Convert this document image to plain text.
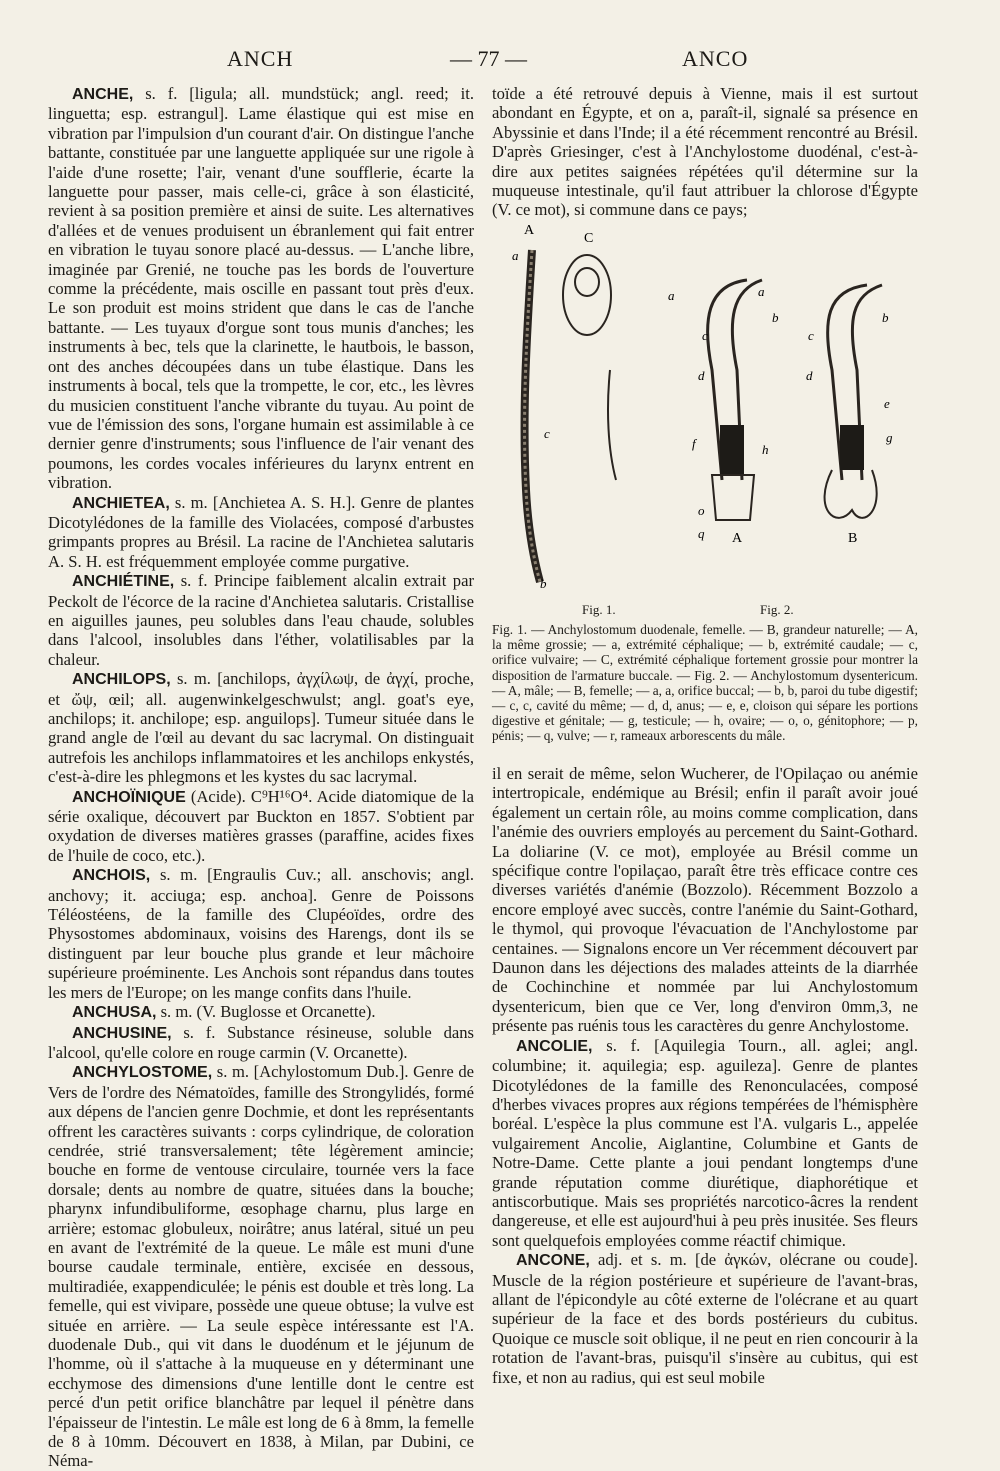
ANCH	— 77 —	ANCO

ANCHE, s. f. [ligula; all. mundstück; angl. reed; it. linguetta; esp. estrangul]. Lame élastique qui est mise en vibration par l'impulsion d'un courant d'air. On distingue l'anche battante, constituée par une languette appliquée sur une rigole à l'aide d'une rosette; l'air, venant d'une soufflerie, écarte la languette pour passer, mais celle-ci, grâce à son élasticité, revient à sa position première et ainsi de suite. Les alternatives d'allées et de venues produisent un ébranlement qui fait entrer en vibration le tuyau sonore placé au-dessus. — L'anche libre, imaginée par Grenié, ne touche pas les bords de l'ouverture comme la précédente, mais oscille en passant tout près d'eux. Le son produit est moins strident que dans le cas de l'anche battante. — Les tuyaux d'orgue sont tous munis d'anches; les instruments à bec, tels que la clarinette, le hautbois, le basson, ont des anches découpées dans un tube élastique. Dans les instruments à bocal, tels que la trompette, le cor, etc., les lèvres du musicien constituent l'anche vibrante du tuyau. Au point de vue de l'émission des sons, l'organe humain est assimilable à ce dernier genre d'instruments; sous l'influence de l'air venant des poumons, les cordes vocales inférieures du larynx entrent en vibration.

ANCHIETEA, s. m. [Anchietea A. S. H.]. Genre de plantes Dicotylédones de la famille des Violacées, composé d'arbustes grimpants propres au Brésil. La racine de l'Anchietea salutaris A. S. H. est fréquemment employée comme purgative.

ANCHIÉTINE, s. f. Principe faiblement alcalin extrait par Peckolt de l'écorce de la racine d'Anchietea salutaris. Cristallise en aiguilles jaunes, peu solubles dans l'eau chaude, solubles dans l'alcool, insolubles dans l'éther, volatilisables par la chaleur.

ANCHILOPS, s. m. [anchilops, ἀγχίλωψ, de ἀγχί, proche, et ὤψ, œil; all. augenwinkelgeschwulst; angl. goat's eye, anchilops; it. anchilope; esp. anguilops]. Tumeur située dans le grand angle de l'œil au devant du sac lacrymal. On distinguait autrefois les anchilops inflammatoires et les anchilops enkystés, c'est-à-dire les phlegmons et les kystes du sac lacrymal.

ANCHOÏNIQUE (Acide). C⁹H¹⁶O⁴. Acide diatomique de la série oxalique, découvert par Buckton en 1857. S'obtient par oxydation de diverses matières grasses (paraffine, acides fixes de l'huile de coco, etc.).

ANCHOIS, s. m. [Engraulis Cuv.; all. anschovis; angl. anchovy; it. acciuga; esp. anchoa]. Genre de Poissons Téléostéens, de la famille des Clupéoïdes, ordre des Physostomes abdominaux, voisins des Harengs, dont ils se distinguent par leur bouche plus grande et leur mâchoire supérieure proéminente. Les Anchois sont répandus dans toutes les mers de l'Europe; on les mange confits dans l'huile.

ANCHUSA, s. m. (V. Buglosse et Orcanette).

ANCHUSINE, s. f. Substance résineuse, soluble dans l'alcool, qu'elle colore en rouge carmin (V. Orcanette).

ANCHYLOSTOME, s. m. [Achylostomum Dub.]. Genre de Vers de l'ordre des Nématoïdes, famille des Strongylidés, formé aux dépens de l'ancien genre Dochmie, et dont les représentants offrent les caractères suivants : corps cylindrique, de coloration cendrée, strié transversalement; tête légèrement amincie; bouche en forme de ventouse circulaire, tournée vers la face dorsale; dents au nombre de quatre, situées dans la bouche; pharynx infundibuliforme, œsophage charnu, plus large en arrière; estomac globuleux, noirâtre; anus latéral, situé un peu en avant de l'extrémité de la queue. Le mâle est muni d'une bourse caudale terminale, entière, excisée en dessous, multiradiée, exappendiculée; le pénis est double et très long. La femelle, qui est vivipare, possède une queue obtuse; la vulve est située en arrière. — La seule espèce intéressante est l'A. duodenale Dub., qui vit dans le duodénum et le jéjunum de l'homme, où il s'attache à la muqueuse en y déterminant une ecchymose des dimensions d'une lentille dont le centre est percé d'un petit orifice blanchâtre par lequel il pénètre dans l'épaisseur de l'intestin. Le mâle est long de 6 à 8mm, la femelle de 8 à 10mm. Découvert en 1838, à Milan, par Dubini, ce Néma-

toïde a été retrouvé depuis à Vienne, mais il est surtout abondant en Égypte, et on a, paraît-il, signalé sa présence en Abyssinie et dans l'Inde; il a été récemment rencontré au Brésil. D'après Griesinger, c'est à l'Anchylostome duodénal, c'est-à-dire aux petites saignées répétées qu'il détermine sur la muqueuse intestinale, qu'il faut attribuer la chlorose d'Égypte (V. ce mot), si commune dans ce pays;

A
C
a
c
b
a
b
c
d
f	h
o
q A
a
b
c
d
e
g
B
Fig. 1.	Fig. 2.

Fig. 1. — Anchylostomum duodenale, femelle. — B, grandeur naturelle; — A, la même grossie; — a, extrémité céphalique; — b, extrémité caudale; — c, orifice vulvaire; — C, extrémité céphalique fortement grossie pour montrer la disposition de l'armature buccale. — Fig. 2. — Anchylostomum dysentericum. — A, mâle; — B, femelle; — a, a, orifice buccal; — b, b, paroi du tube digestif; — c, c, cavité du même; — d, d, anus; — e, e, cloison qui sépare les portions digestive et génitale; — g, testicule; — h, ovaire; — o, o, génitophore; — p, pénis; — q, vulve; — r, rameaux arborescents du mâle.

il en serait de même, selon Wucherer, de l'Opilaçao ou anémie intertropicale, endémique au Brésil; enfin il paraît avoir joué également un certain rôle, au moins comme complication, dans l'anémie des ouvriers employés au percement du Saint-Gothard. La doliarine (V. ce mot), employée au Brésil comme un spécifique contre l'opilaçao, paraît être très efficace contre ces diverses variétés d'anémie (Bozzolo). Récemment Bozzolo a encore employé avec succès, contre l'anémie du Saint-Gothard, le thymol, qui provoque l'évacuation de l'Anchylostome par centaines. — Signalons encore un Ver récemment découvert par Daunon dans les déjections des malades atteints de la diarrhée de Cochinchine et nommée par lui Anchylostomum dysentericum, bien que ce Ver, long d'environ 0mm,3, ne présente pas ruénis tous les caractères du genre Anchylostome.

ANCOLIE, s. f. [Aquilegia Tourn., all. aglei; angl. columbine; it. aquilegia; esp. aguileza]. Genre de plantes Dicotylédones de la famille des Renonculacées, composé d'herbes vivaces propres aux régions tempérées de l'hémisphère boréal. L'espèce la plus commune est l'A. vulgaris L., appelée vulgairement Ancolie, Aiglantine, Columbine et Gants de Notre-Dame. Cette plante a joui pendant longtemps d'une grande réputation comme diurétique, diaphorétique et antiscorbutique. Mais ses propriétés narcotico-âcres la rendent dangereuse, et elle est aujourd'hui à peu près inusitée. Ses fleurs sont quelquefois employées comme réactif chimique.

ANCONE, adj. et s. m. [de ἀγκών, olécrane ou coude]. Muscle de la région postérieure et supérieure de l'avant-bras, allant de l'épicondyle au côté externe de l'olécrane et au quart supérieur de la face et des bords postérieurs du cubitus. Quoique ce muscle soit oblique, il ne peut en rien concourir à la rotation de l'avant-bras, puisqu'il s'insère au cubitus, qui est fixe, et non au radius, qui est seul mobile
